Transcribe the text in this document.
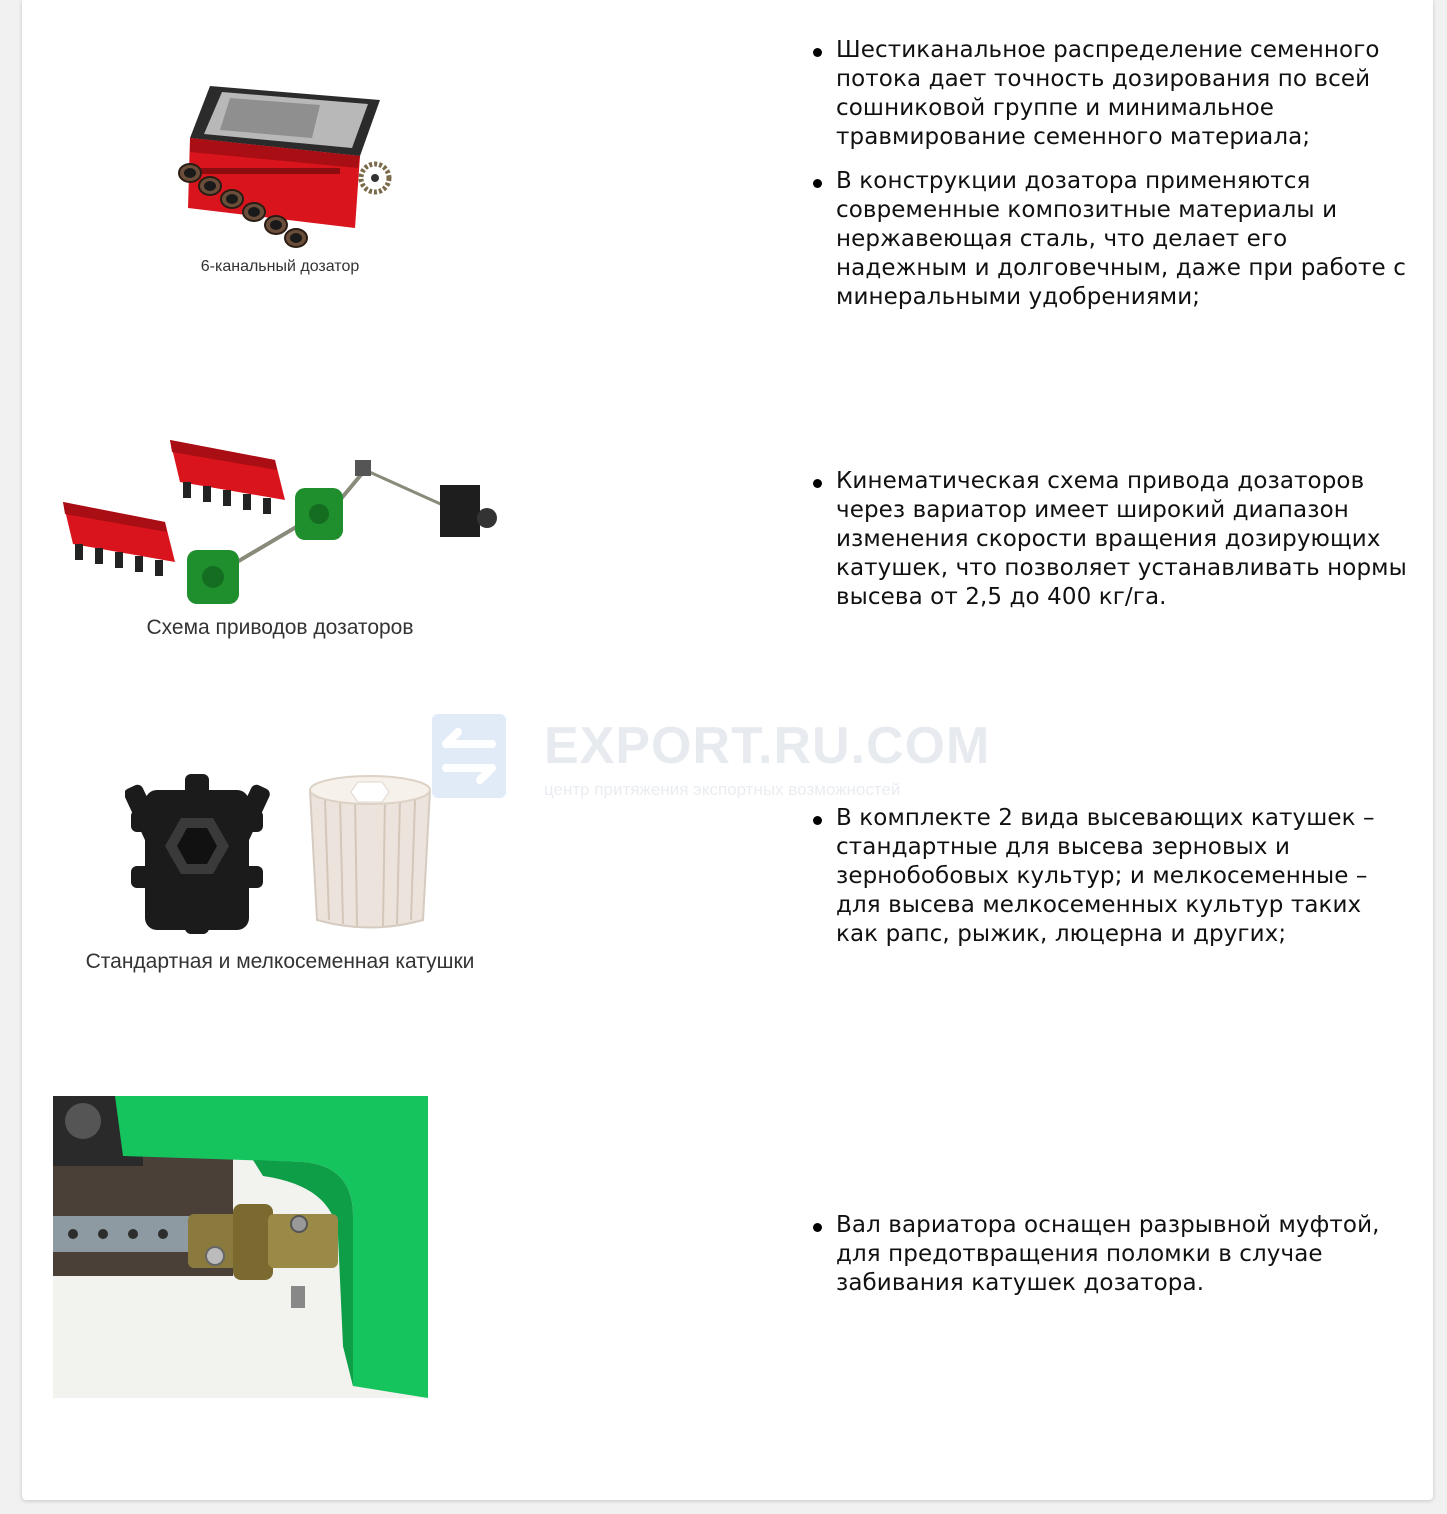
6-канальный дозатор
Шестиканальное распределение семенного потока дает точность дозирования по всей сошниковой группе и минимальное травмирование семенного материала;
В конструкции дозатора применяются современные композитные материалы и нержавеющая сталь, что делает его надежным и долговечным, даже при работе с минеральными удобрениями;
Схема приводов дозаторов
Кинематическая схема привода дозаторов через вариатор имеет широкий диапазон изменения скорости вращения дозирующих катушек, что позволяет устанавливать нормы высева от 2,5 до 400 кг/га.
EXPORT.RU.COM
центр притяжения экспортных возможностей
Стандартная и мелкосеменная катушки
В комплекте 2 вида высевающих катушек – стандартные для высева зерновых и зернобобовых культур; и мелкосеменные – для высева мелкосеменных культур таких как рапс, рыжик, люцерна и других;
Вал вариатора оснащен разрывной муфтой, для предотвращения поломки в случае забивания катушек дозатора.
